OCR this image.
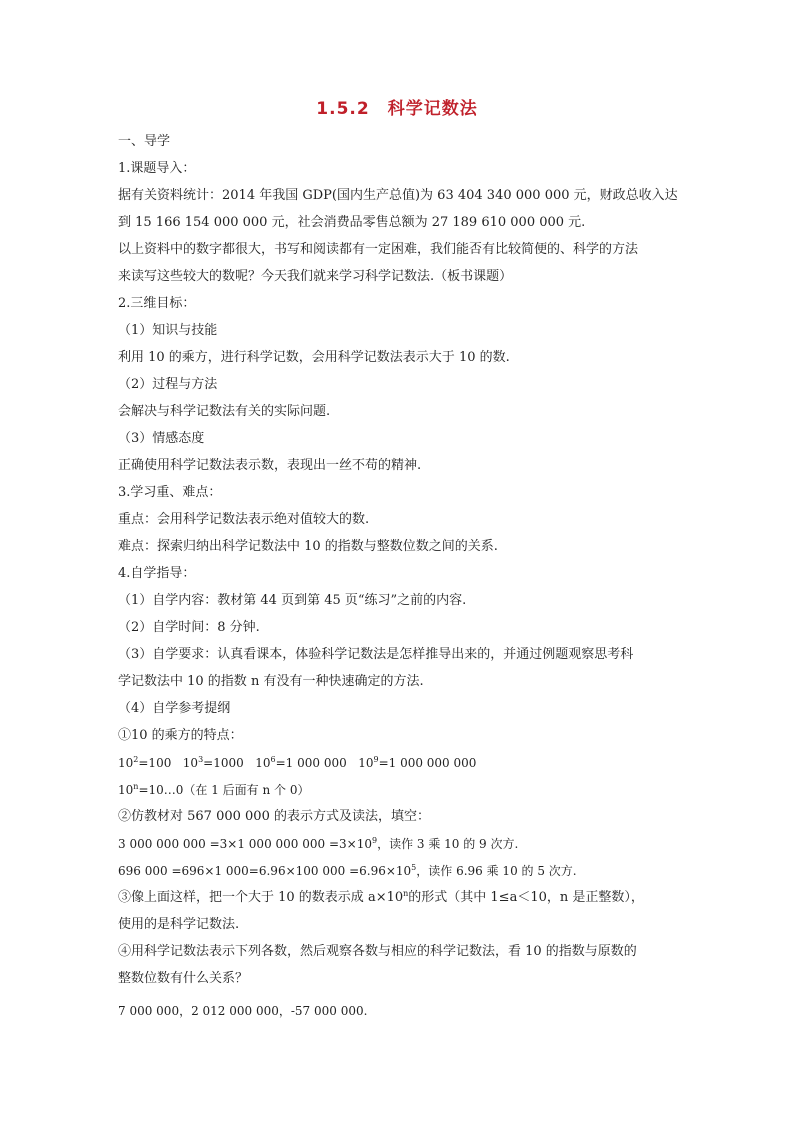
1.5.2　科学记数法
一、导学
1.课题导入：
据有关资料统计：2014 年我国 GDP(国内生产总值)为 63 404 340 000 000 元，财政总收入达
到 15 166 154 000 000 元，社会消费品零售总额为 27 189 610 000 000 元.
以上资料中的数字都很大，书写和阅读都有一定困难，我们能否有比较简便的、科学的方法
来读写这些较大的数呢？今天我们就来学习科学记数法.（板书课题）
2.三维目标：
（1）知识与技能
利用 10 的乘方，进行科学记数，会用科学记数法表示大于 10 的数.
（2）过程与方法
会解决与科学记数法有关的实际问题.
（3）情感态度
正确使用科学记数法表示数，表现出一丝不苟的精神.
3.学习重、难点：
重点：会用科学记数法表示绝对值较大的数.
难点：探索归纳出科学记数法中 10 的指数与整数位数之间的关系.
4.自学指导：
（1）自学内容：教材第 44 页到第 45 页“练习”之前的内容.
（2）自学时间：8 分钟.
（3）自学要求：认真看课本，体验科学记数法是怎样推导出来的，并通过例题观察思考科
学记数法中 10 的指数 n 有没有一种快速确定的方法.
（4）自学参考提纲
①10 的乘方的特点：
$10^2=100$ $10^3=1000$ $10^6=1$ 000 000 $10^9=1$ 000 000 000
$10^n=10\dots 0$（在 1 后面有 n 个 0）
②仿教材对 567 000 000 的表示方式及读法，填空：
3 000 000 000 =3×1 000 000 $000 =3\times 10^9$，读作 3 乘 10 的 9 次方.
696 000 =696×1 000=6.96×100 $000 =6.96\times 10^5$，读作 6.96 乘 10 的 5 次方.
③像上面这样，把一个大于 10 的数表示成 $a\times 10^n$的形式（其中 1≤a＜10，n 是正整数），
使用的是科学记数法.
④用科学记数法表示下列各数，然后观察各数与相应的科学记数法，看 10 的指数与原数的
整数位数有什么关系？
7 000 000，2 012 000 000，-57 000 000.
